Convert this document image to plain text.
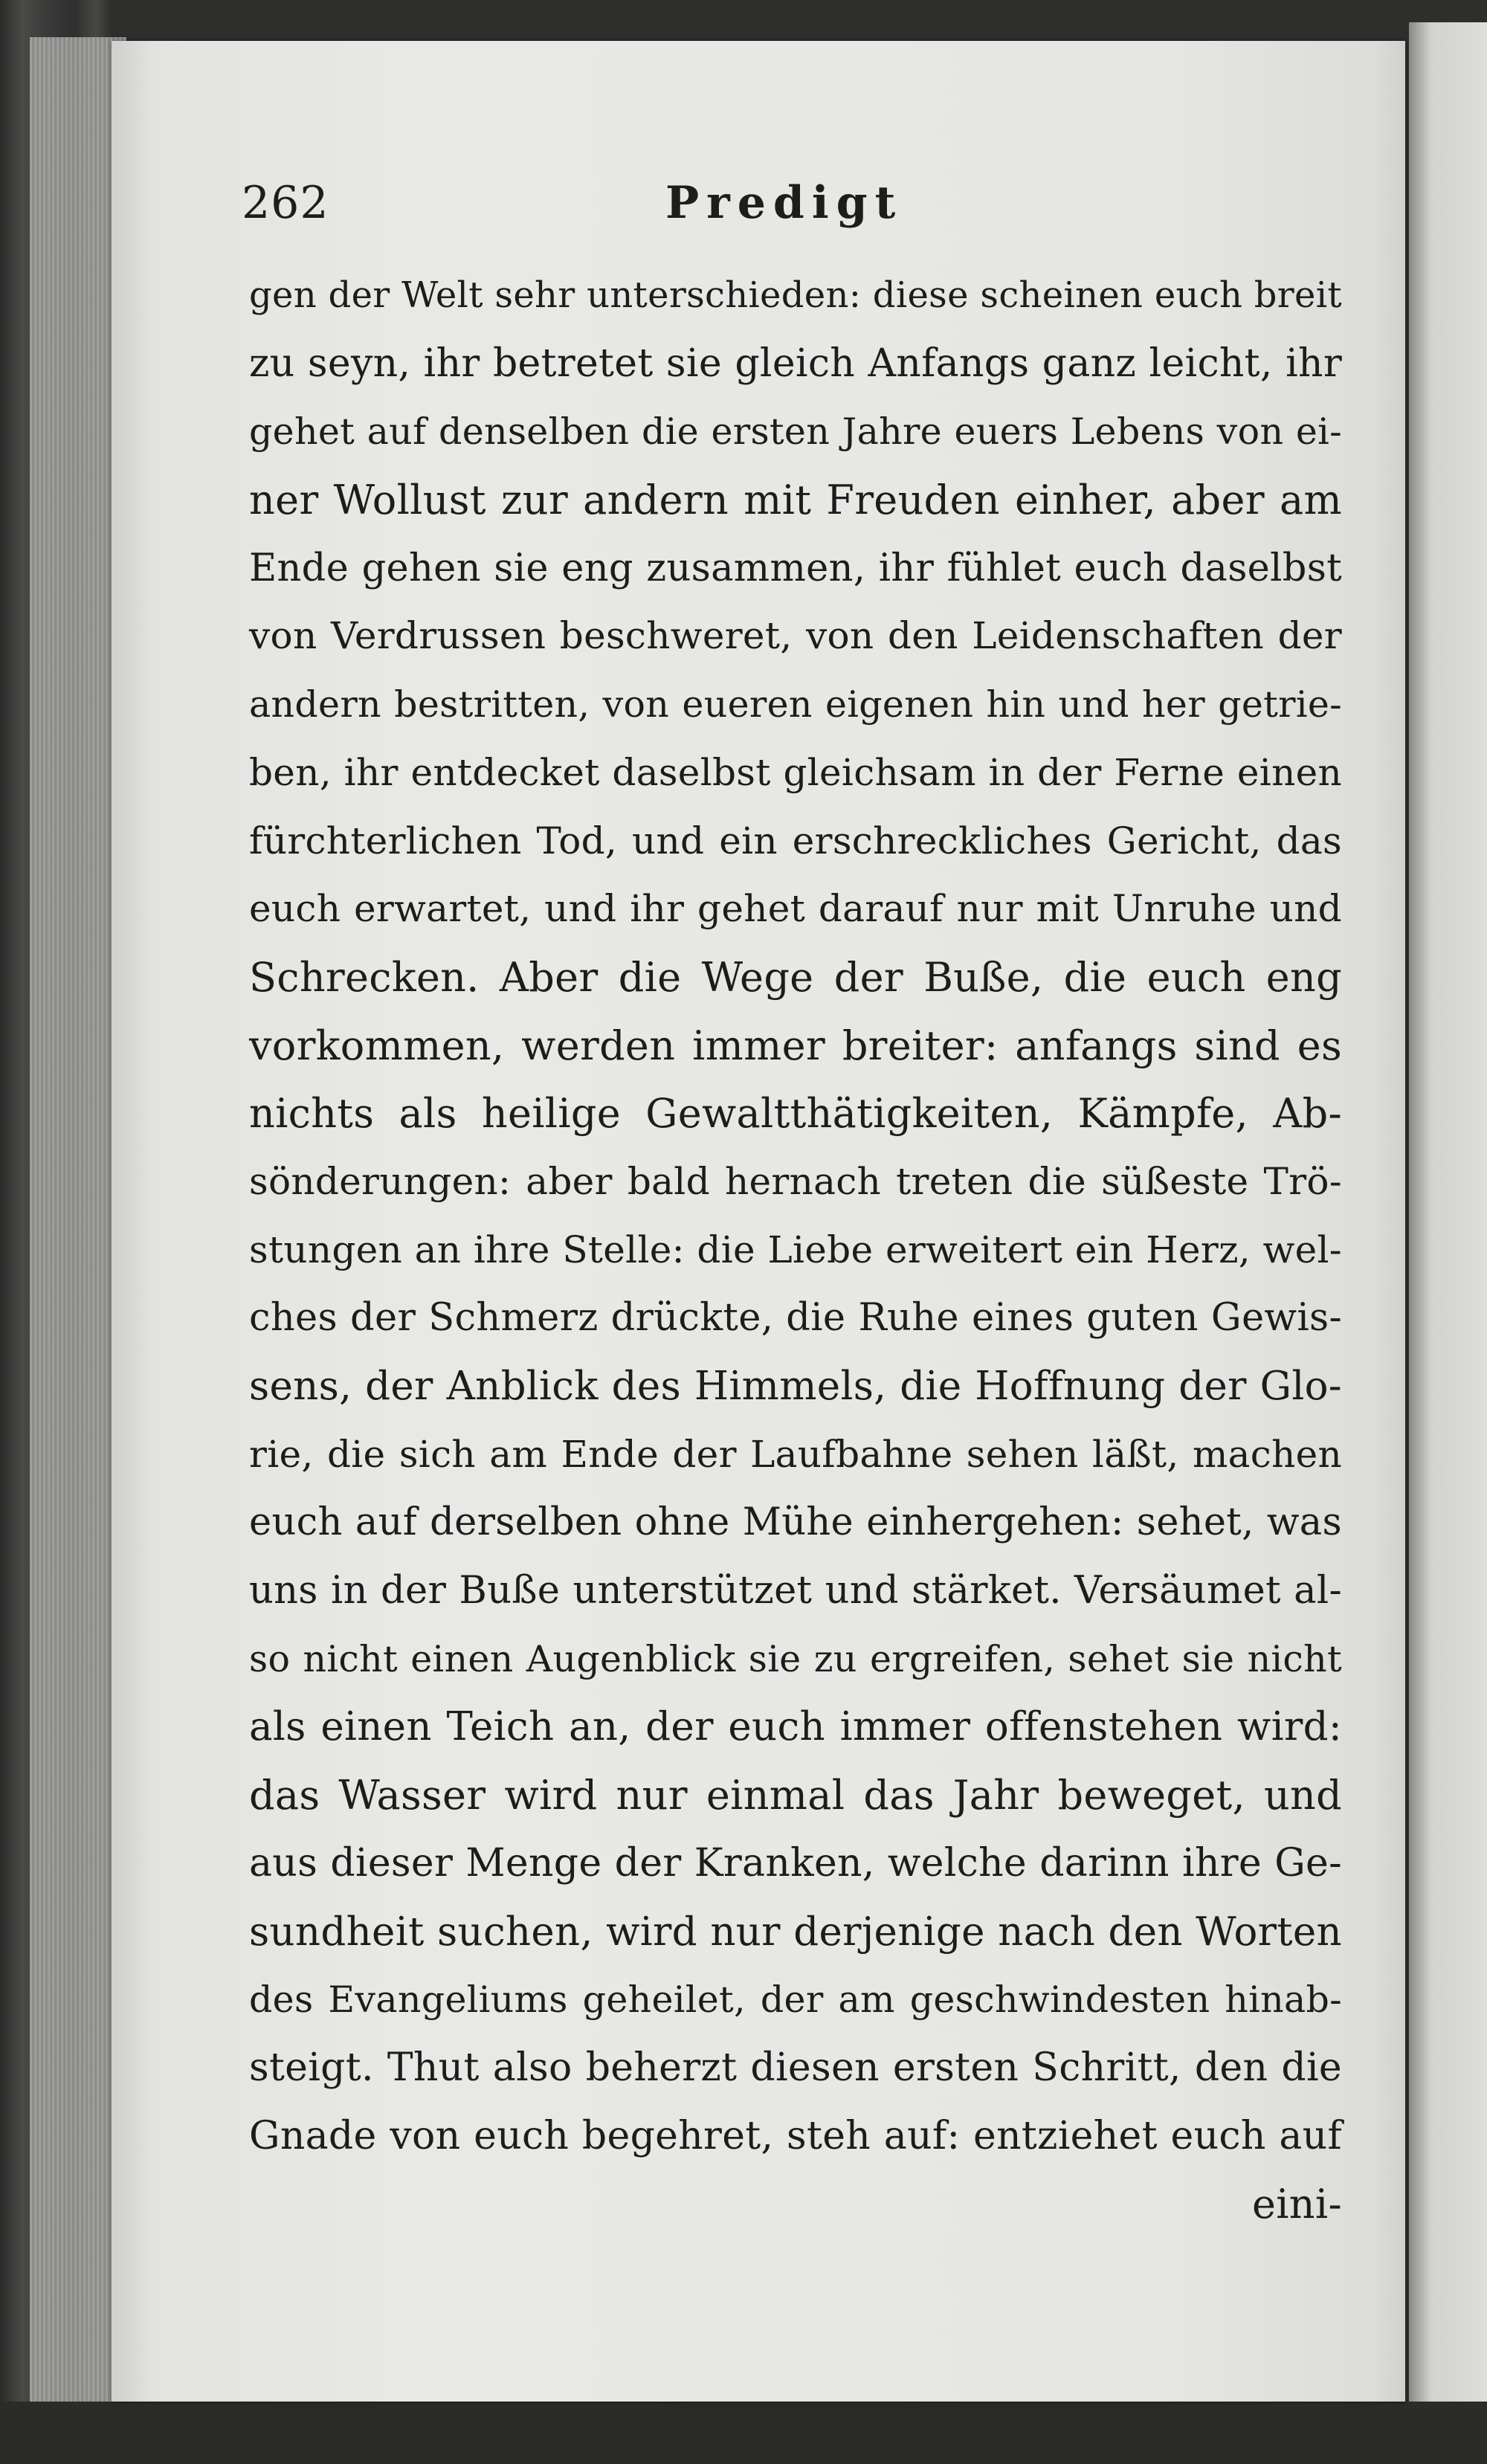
262	Predigt
gen der Welt sehr unterschieden: diese scheinen euch breit
zu seyn, ihr betretet sie gleich Anfangs ganz leicht, ihr
gehet auf denselben die ersten Jahre euers Lebens von ei-
ner Wollust zur andern mit Freuden einher, aber am
Ende gehen sie eng zusammen, ihr fühlet euch daselbst
von Verdrussen beschweret, von den Leidenschaften der
andern bestritten, von eueren eigenen hin und her getrie-
ben, ihr entdecket daselbst gleichsam in der Ferne einen
fürchterlichen Tod, und ein erschreckliches Gericht, das
euch erwartet, und ihr gehet darauf nur mit Unruhe und
Schrecken. Aber die Wege der Buße, die euch eng
vorkommen, werden immer breiter: anfangs sind es
nichts als heilige Gewaltthätigkeiten, Kämpfe, Ab-
sönderungen: aber bald hernach treten die süßeste Trö-
stungen an ihre Stelle: die Liebe erweitert ein Herz, wel-
ches der Schmerz drückte, die Ruhe eines guten Gewis-
sens, der Anblick des Himmels, die Hoffnung der Glo-
rie, die sich am Ende der Laufbahne sehen läßt, machen
euch auf derselben ohne Mühe einhergehen: sehet, was
uns in der Buße unterstützet und stärket. Versäumet al-
so nicht einen Augenblick sie zu ergreifen, sehet sie nicht
als einen Teich an, der euch immer offenstehen wird:
das Wasser wird nur einmal das Jahr beweget, und
aus dieser Menge der Kranken, welche darinn ihre Ge-
sundheit suchen, wird nur derjenige nach den Worten
des Evangeliums geheilet, der am geschwindesten hinab-
steigt. Thut also beherzt diesen ersten Schritt, den die
Gnade von euch begehret, steh auf: entziehet euch auf
eini-
